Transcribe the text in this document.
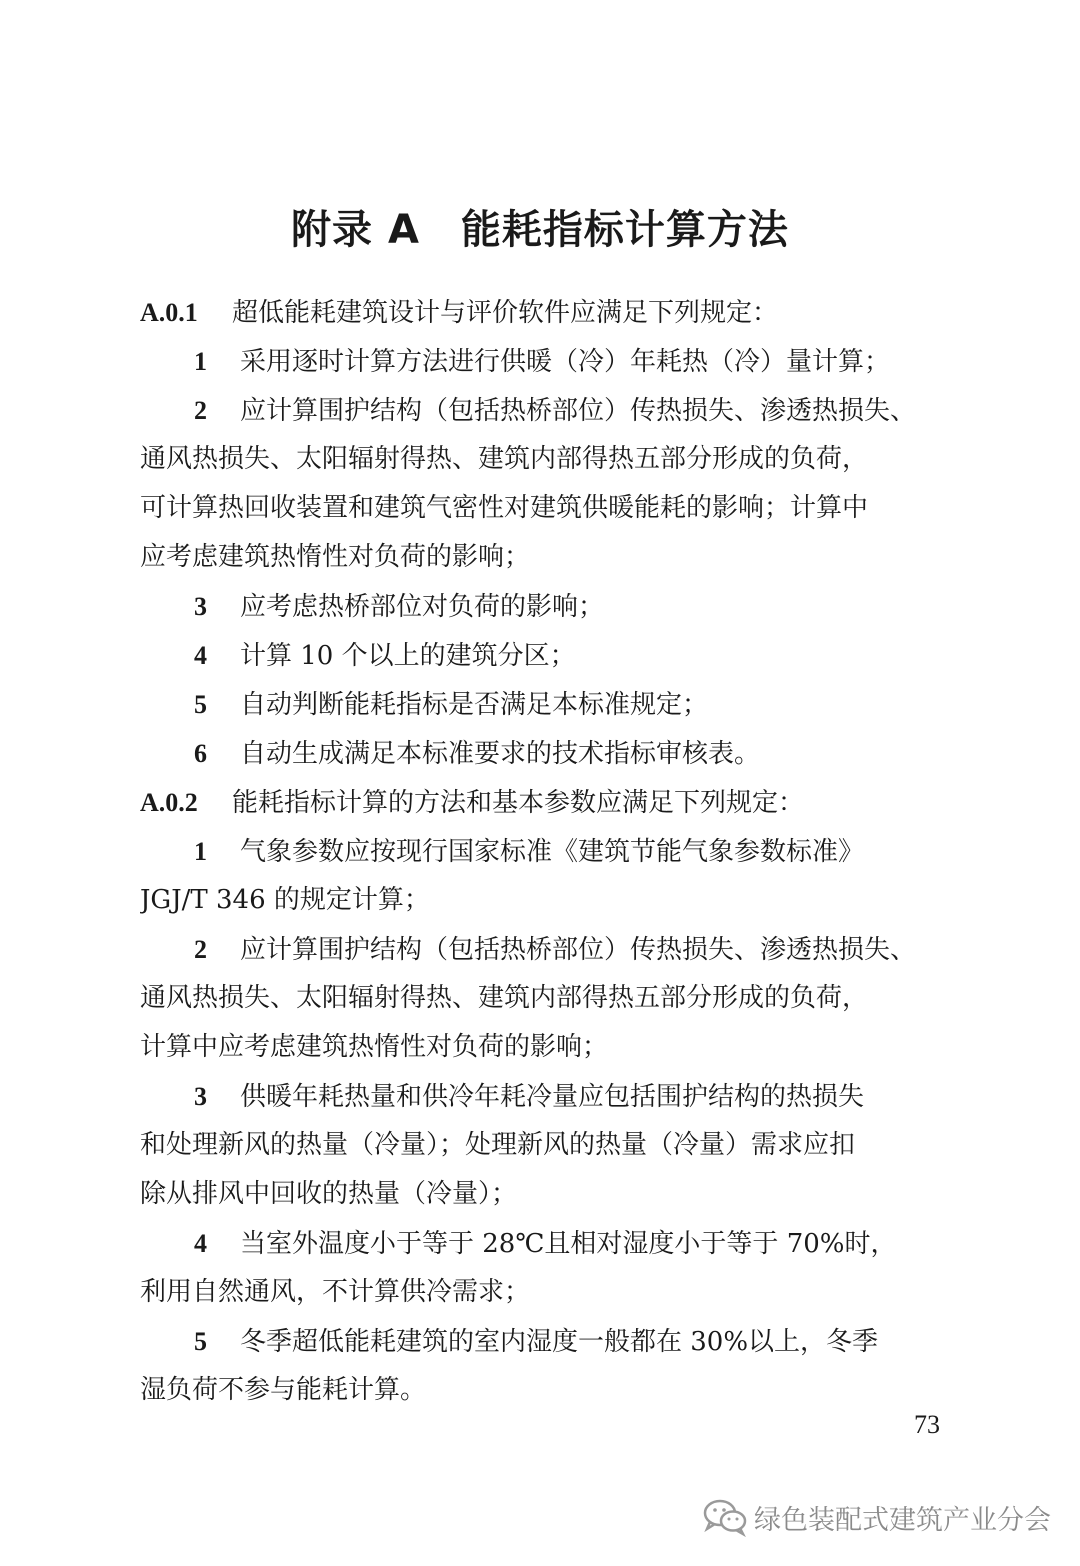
附录 A　能耗指标计算方法
A.0.1 超低能耗建筑设计与评价软件应满足下列规定：
1 采用逐时计算方法进行供暖（冷）年耗热（冷）量计算；
2 应计算围护结构（包括热桥部位）传热损失、渗透热损失、
通风热损失、太阳辐射得热、建筑内部得热五部分形成的负荷，
可计算热回收装置和建筑气密性对建筑供暖能耗的影响；计算中
应考虑建筑热惰性对负荷的影响；
3 应考虑热桥部位对负荷的影响；
4 计算 10 个以上的建筑分区；
5 自动判断能耗指标是否满足本标准规定；
6 自动生成满足本标准要求的技术指标审核表。
A.0.2 能耗指标计算的方法和基本参数应满足下列规定：
1 气象参数应按现行国家标准《建筑节能气象参数标准》
JGJ/T 346 的规定计算；
2 应计算围护结构（包括热桥部位）传热损失、渗透热损失、
通风热损失、太阳辐射得热、建筑内部得热五部分形成的负荷，
计算中应考虑建筑热惰性对负荷的影响；
3 供暖年耗热量和供冷年耗冷量应包括围护结构的热损失
和处理新风的热量（冷量）；处理新风的热量（冷量）需求应扣
除从排风中回收的热量（冷量）；
4 当室外温度小于等于 28℃且相对湿度小于等于 70%时，
利用自然通风，不计算供冷需求；
5 冬季超低能耗建筑的室内湿度一般都在 30%以上，冬季
湿负荷不参与能耗计算。
73
绿色装配式建筑产业分会
